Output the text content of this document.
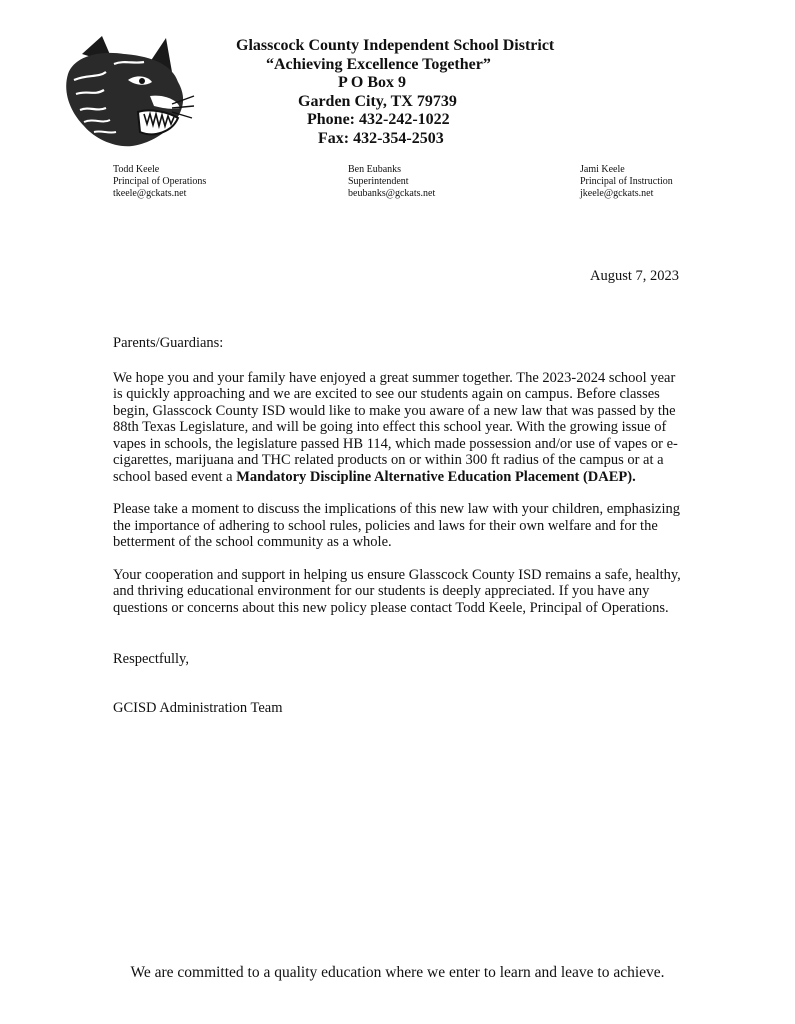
Glasscock County Independent School District
“Achieving Excellence Together”
P O Box 9
Garden City, TX 79739
Phone: 432-242-1022
Fax: 432-354-2503
Todd Keele
Principal of Operations
tkeele@gckats.net
Ben Eubanks
Superintendent
beubanks@gckats.net
Jami Keele
Principal of Instruction
jkeele@gckats.net
August 7, 2023

Parents/Guardians:

We hope you and your family have enjoyed a great summer together. The 2023-2024 school year is quickly approaching and we are excited to see our students again on campus. Before classes begin, Glasscock County ISD would like to make you aware of a new law that was passed by the 88th Texas Legislature, and will be going into effect this school year. With the growing issue of vapes in schools, the legislature passed HB 114, which made possession and/or use of vapes or e-cigarettes, marijuana and THC related products on or within 300 ft radius of the campus or at a school based event a Mandatory Discipline Alternative Education Placement (DAEP).

Please take a moment to discuss the implications of this new law with your children, emphasizing the importance of adhering to school rules, policies and laws for their own welfare and for the betterment of the school community as a whole.

Your cooperation and support in helping us ensure Glasscock County ISD remains a safe, healthy, and thriving educational environment for our students is deeply appreciated. If you have any questions or concerns about this new policy please contact Todd Keele, Principal of Operations.

Respectfully,
GCISD Administration Team
We are committed to a quality education where we enter to learn and leave to achieve.
